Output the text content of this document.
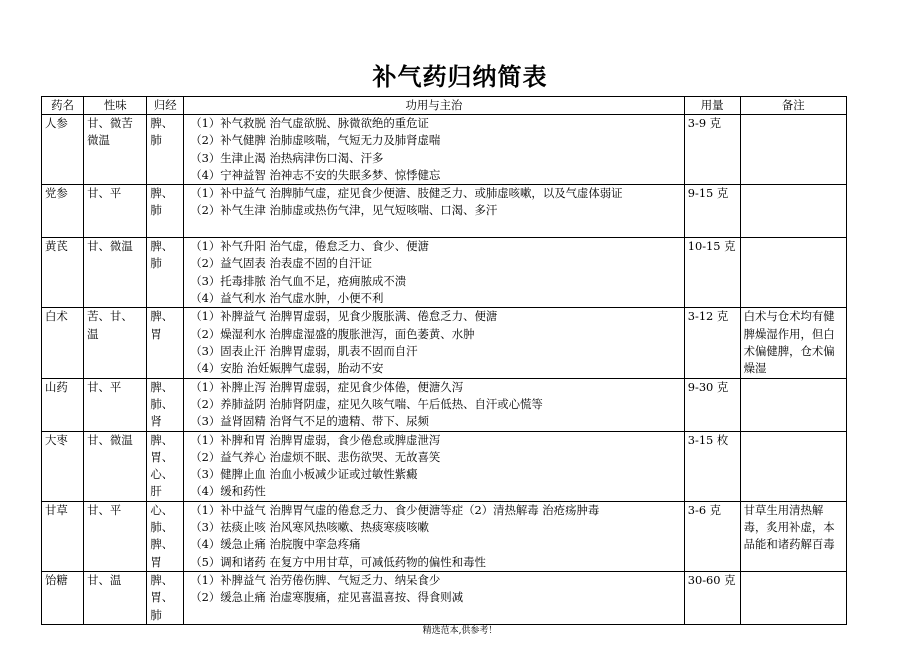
补气药归纳简表
药名	性味	归经	功用与主治	用量	备注
人参	甘、微苦微温	脾、肺	（1）补气救脱 治气虚欲脱、脉微欲绝的重危证
（2）补气健脾 治肺虚咳喘，气短无力及肺肾虚喘
（3）生津止渴 治热病津伤口渴、汗多
（4）宁神益智 治神志不安的失眠多梦、惊悸健忘	3-9 克	
党参	甘、平	脾、肺	（1）补中益气 治脾肺气虚，症见食少便溏、肢健乏力、或肺虚咳嗽，以及气虚体弱证
（2）补气生津 治肺虚或热伤气津，见气短咳喘、口渴、多汗	9-15 克	
黄芪	甘、微温	脾、肺	（1）补气升阳 治气虚，倦怠乏力、食少、便溏
（2）益气固表 治表虚不固的自汗证
（3）托毒排脓 治气血不足，疮痈脓成不溃
（4）益气利水 治气虚水肿，小便不利	10-15 克	
白术	苦、甘、温	脾、胃	（1）补脾益气 治脾胃虚弱，见食少腹胀满、倦怠乏力、便溏
（2）燥湿利水 治脾虚湿盛的腹胀泄泻，面色萎黄、水肿
（3）固表止汗 治脾胃虚弱，肌表不固而自汗
（4）安胎 治妊娠脾气虚弱，胎动不安	3-12 克	白术与仓术均有健脾燥湿作用，但白术偏健脾，仓术偏燥湿
山药	甘、平	脾、肺、肾	（1）补脾止泻 治脾胃虚弱，症见食少体倦，便溏久泻
（2）养肺益阴 治肺肾阴虚，症见久咳气喘、午后低热、自汗或心慌等
（3）益肾固精 治肾气不足的遗精、带下、尿频	9-30 克	
大枣	甘、微温	脾、胃、心、肝	（1）补脾和胃 治脾胃虚弱，食少倦怠或脾虚泄泻
（2）益气养心 治虚烦不眠、悲伤欲哭、无故喜笑
（3）健脾止血 治血小板减少证或过敏性紫癜
（4）缓和药性	3-15 枚	
甘草	甘、平	心、肺、脾、胃	（1）补中益气 治脾胃气虚的倦怠乏力、食少便溏等症（2）清热解毒 治疮疡肿毒
（3）祛痰止咳 治风寒风热咳嗽、热痰寒痰咳嗽
（4）缓急止痛 治脘腹中挛急疼痛
（5）调和诸药 在复方中用甘草，可减低药物的偏性和毒性	3-6 克	甘草生用清热解毒，炙用补虚，本品能和诸药解百毒
饴糖	甘、温	脾、胃、肺	（1）补脾益气 治劳倦伤脾、气短乏力、纳呆食少
（2）缓急止痛 治虚寒腹痛，症见喜温喜按、得食则减	30-60 克	
精选范本,供参考！
